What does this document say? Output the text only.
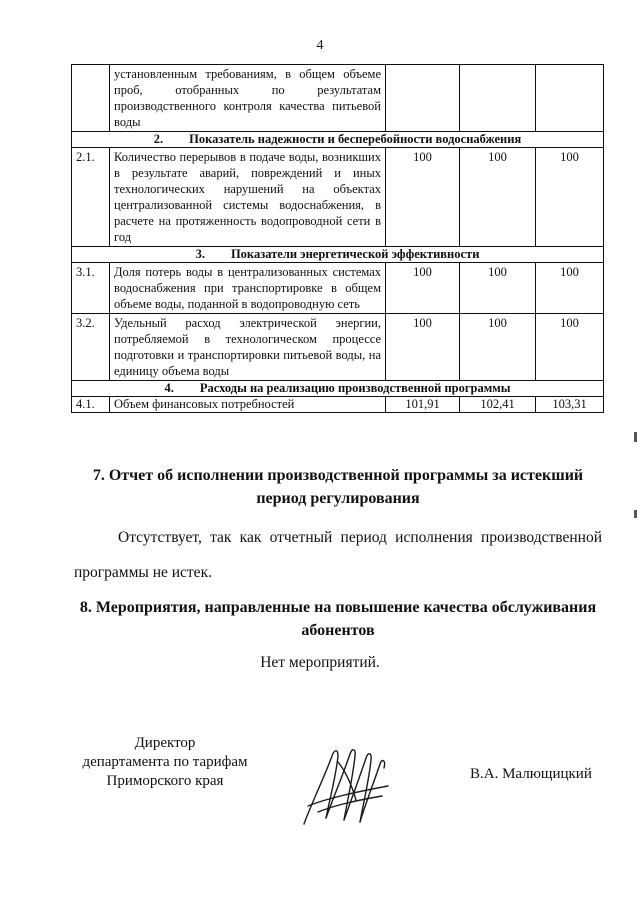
4
	установленным требованиям, в общем объеме проб, отобранных по результатам производственного контроля качества питьевой воды			
2. Показатель надежности и бесперебойности водоснабжения				
2.1.	Количество перерывов в подаче воды, возникших в результате аварий, повреждений и иных технологических нарушений на объектах централизованной системы водоснабжения, в расчете на протяженность водопроводной сети в год	100	100	100
3. Показатели энергетической эффективности				
3.1.	Доля потерь воды в централизованных системах водоснабжения при транспортировке в общем объеме воды, поданной в водопроводную сеть	100	100	100
3.2.	Удельный расход электрической энергии, потребляемой в технологическом процессе подготовки и транспортировки питьевой воды, на единицу объема воды	100	100	100
4. Расходы на реализацию производственной программы				
4.1.	Объем финансовых потребностей	101,91	102,41	103,31
7. Отчет об исполнении производственной программы за истекший период регулирования
Отсутствует, так как отчетный период исполнения производственной программы не истек.
8. Мероприятия, направленные на повышение качества обслуживания абонентов
Нет мероприятий.
Директор
департамента по тарифам
Приморского края	В.А. Малющицкий
